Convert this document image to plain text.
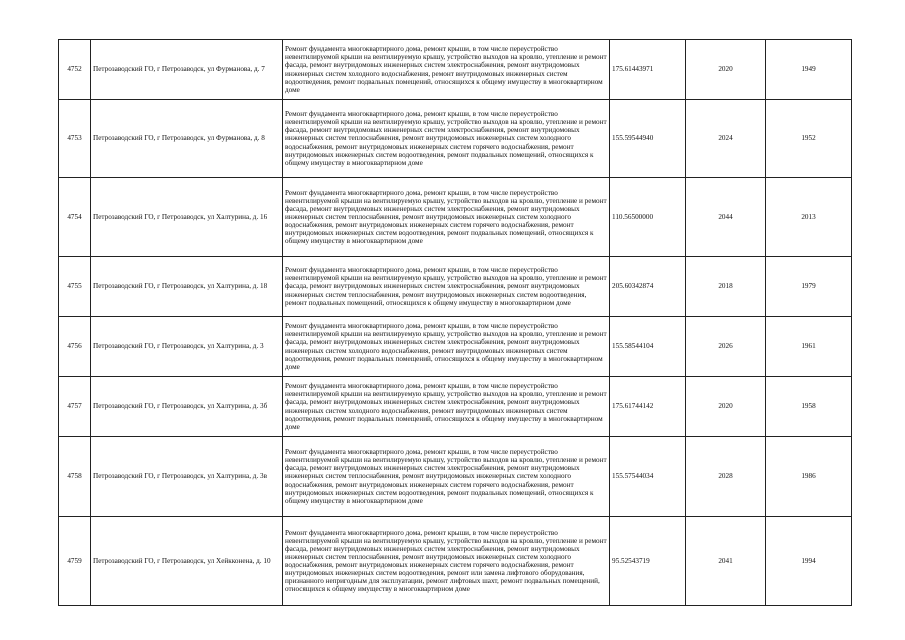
4752	Петрозаводский ГО, г Петрозаводск, ул Фурманова, д. 7	Ремонт фундамента многоквартирного дома, ремонт крыши, в том числе переустройство невентилируемой крыши на вентилируемую крышу, устройство выходов на кровлю, утепление и ремонт фасада, ремонт внутридомовых инженерных систем электроснабжения, ремонт внутридомовых инженерных систем холодного водоснабжения, ремонт внутридомовых инженерных систем водоотведения, ремонт подвальных помещений, относящихся к общему имуществу в многоквартирном доме	175.61443971	2020	1949
4753	Петрозаводский ГО, г Петрозаводск, ул Фурманова, д. 8	Ремонт фундамента многоквартирного дома, ремонт крыши, в том числе переустройство невентилируемой крыши на вентилируемую крышу, устройство выходов на кровлю, утепление и ремонт фасада, ремонт внутридомовых инженерных систем электроснабжения, ремонт внутридомовых инженерных систем теплоснабжения, ремонт внутридомовых инженерных систем холодного водоснабжения, ремонт внутридомовых инженерных систем горячего водоснабжения, ремонт внутридомовых инженерных систем водоотведения, ремонт подвальных помещений, относящихся к общему имуществу в многоквартирном доме	155.59544940	2024	1952
4754	Петрозаводский ГО, г Петрозаводск, ул Халтурина, д. 16	Ремонт фундамента многоквартирного дома, ремонт крыши, в том числе переустройство невентилируемой крыши на вентилируемую крышу, устройство выходов на кровлю, утепление и ремонт фасада, ремонт внутридомовых инженерных систем электроснабжения, ремонт внутридомовых инженерных систем теплоснабжения, ремонт внутридомовых инженерных систем холодного водоснабжения, ремонт внутридомовых инженерных систем горячего водоснабжения, ремонт внутридомовых инженерных систем водоотведения, ремонт подвальных помещений, относящихся к общему имуществу в многоквартирном доме	110.56500000	2044	2013
4755	Петрозаводский ГО, г Петрозаводск, ул Халтурина, д. 18	Ремонт фундамента многоквартирного дома, ремонт крыши, в том числе переустройство невентилируемой крыши на вентилируемую крышу, устройство выходов на кровлю, утепление и ремонт фасада, ремонт внутридомовых инженерных систем электроснабжения, ремонт внутридомовых инженерных систем теплоснабжения, ремонт внутридомовых инженерных систем водоотведения, ремонт подвальных помещений, относящихся к общему имуществу в многоквартирном доме	205.60342874	2018	1979
4756	Петрозаводский ГО, г Петрозаводск, ул Халтурина, д. 3	Ремонт фундамента многоквартирного дома, ремонт крыши, в том числе переустройство невентилируемой крыши на вентилируемую крышу, устройство выходов на кровлю, утепление и ремонт фасада, ремонт внутридомовых инженерных систем электроснабжения, ремонт внутридомовых инженерных систем холодного водоснабжения, ремонт внутридомовых инженерных систем водоотведения, ремонт подвальных помещений, относящихся к общему имуществу в многоквартирном доме	155.58544104	2026	1961
4757	Петрозаводский ГО, г Петрозаводск, ул Халтурина, д. 3б	Ремонт фундамента многоквартирного дома, ремонт крыши, в том числе переустройство невентилируемой крыши на вентилируемую крышу, устройство выходов на кровлю, утепление и ремонт фасада, ремонт внутридомовых инженерных систем электроснабжения, ремонт внутридомовых инженерных систем холодного водоснабжения, ремонт внутридомовых инженерных систем водоотведения, ремонт подвальных помещений, относящихся к общему имуществу в многоквартирном доме	175.61744142	2020	1958
4758	Петрозаводский ГО, г Петрозаводск, ул Халтурина, д. 3в	Ремонт фундамента многоквартирного дома, ремонт крыши, в том числе переустройство невентилируемой крыши на вентилируемую крышу, устройство выходов на кровлю, утепление и ремонт фасада, ремонт внутридомовых инженерных систем электроснабжения, ремонт внутридомовых инженерных систем теплоснабжения, ремонт внутридомовых инженерных систем холодного водоснабжения, ремонт внутридомовых инженерных систем горячего водоснабжения, ремонт внутридомовых инженерных систем водоотведения, ремонт подвальных помещений, относящихся к общему имуществу в многоквартирном доме	155.57544034	2028	1986
4759	Петрозаводский ГО, г Петрозаводск, ул Хейкконена, д. 10	Ремонт фундамента многоквартирного дома, ремонт крыши, в том числе переустройство невентилируемой крыши на вентилируемую крышу, устройство выходов на кровлю, утепление и ремонт фасада, ремонт внутридомовых инженерных систем электроснабжения, ремонт внутридомовых инженерных систем теплоснабжения, ремонт внутридомовых инженерных систем холодного водоснабжения, ремонт внутридомовых инженерных систем горячего водоснабжения, ремонт внутридомовых инженерных систем водоотведения, ремонт или замена лифтового оборудования, признанного непригодным для эксплуатации, ремонт лифтовых шахт, ремонт подвальных помещений, относящихся к общему имуществу в многоквартирном доме	95.52543719	2041	1994
